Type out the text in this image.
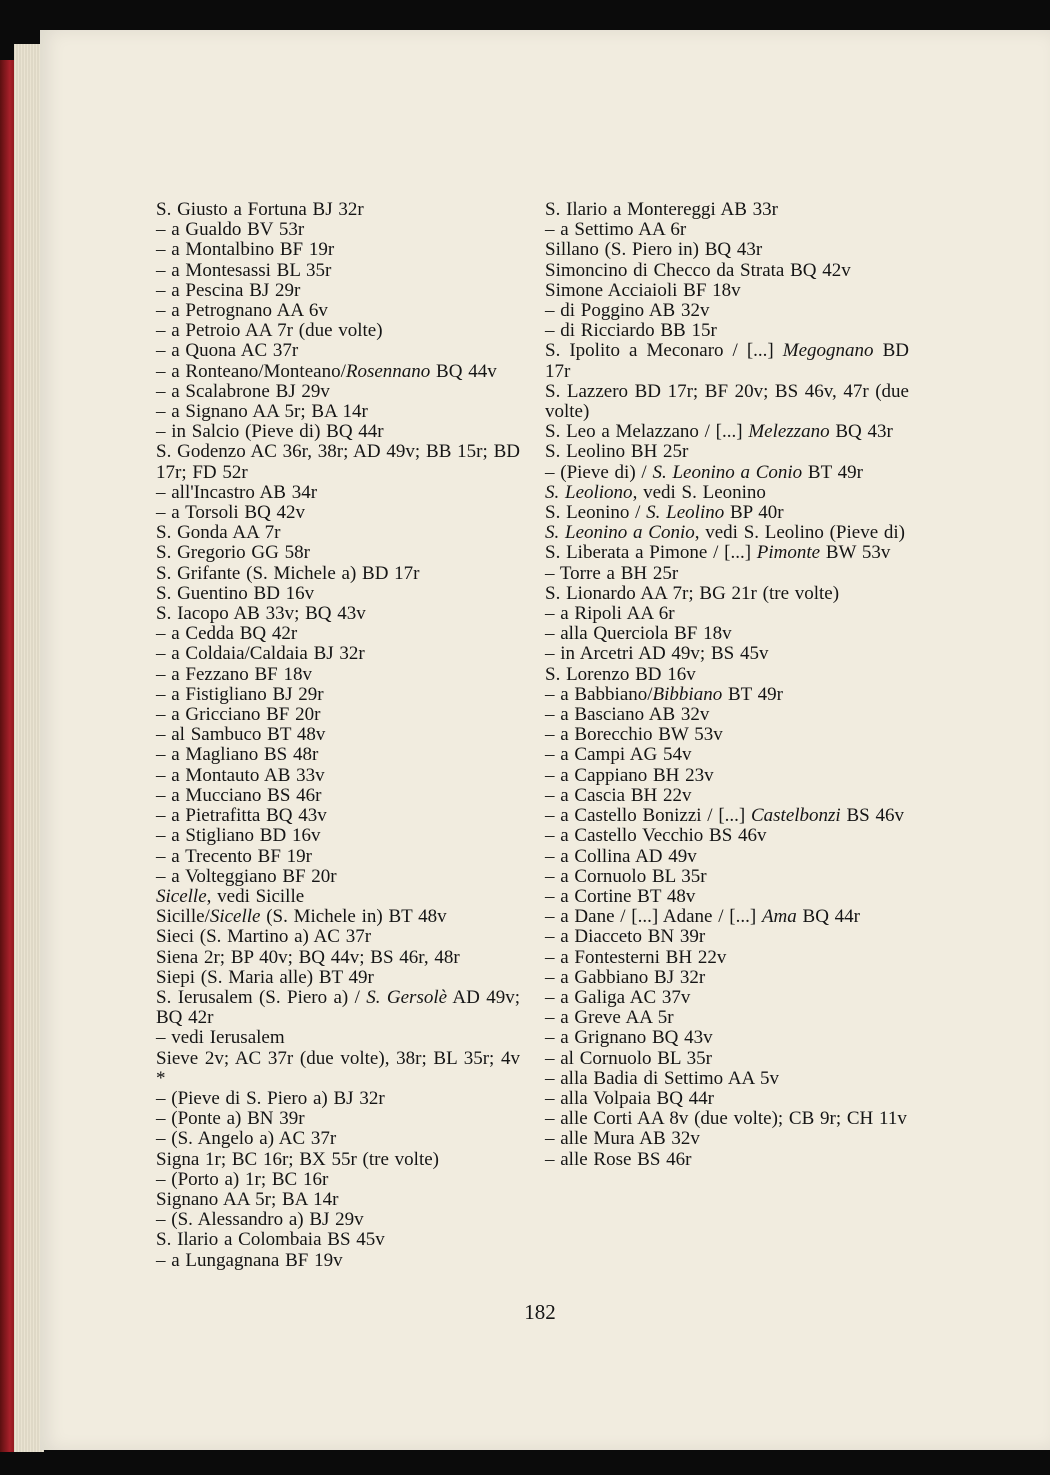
S. Giusto a Fortuna BJ 32r
– a Gualdo BV 53r
– a Montalbino BF 19r
– a Montesassi BL 35r
– a Pescina BJ 29r
– a Petrognano AA 6v
– a Petroio AA 7r (due volte)
– a Quona AC 37r
– a Ronteano/Monteano/Rosennano BQ 44v
– a Scalabrone BJ 29v
– a Signano AA 5r; BA 14r
– in Salcio (Pieve di) BQ 44r
S. Godenzo AC 36r, 38r; AD 49v; BB 15r; BD 17r; FD 52r
– all'Incastro AB 34r
– a Torsoli BQ 42v
S. Gonda AA 7r
S. Gregorio GG 58r
S. Grifante (S. Michele a) BD 17r
S. Guentino BD 16v
S. Iacopo AB 33v; BQ 43v
– a Cedda BQ 42r
– a Coldaia/Caldaia BJ 32r
– a Fezzano BF 18v
– a Fistigliano BJ 29r
– a Gricciano BF 20r
– al Sambuco BT 48v
– a Magliano BS 48r
– a Montauto AB 33v
– a Mucciano BS 46r
– a Pietrafitta BQ 43v
– a Stigliano BD 16v
– a Trecento BF 19r
– a Volteggiano BF 20r
Sicelle, vedi Sicille
Sicille/Sicelle (S. Michele in) BT 48v
Sieci (S. Martino a) AC 37r
Siena 2r; BP 40v; BQ 44v; BS 46r, 48r
Siepi (S. Maria alle) BT 49r
S. Ierusalem (S. Piero a) / S. Gersolè AD 49v; BQ 42r
– vedi Ierusalem
Sieve 2v; AC 37r (due volte), 38r; BL 35r; 4v *
– (Pieve di S. Piero a) BJ 32r
– (Ponte a) BN 39r
– (S. Angelo a) AC 37r
Signa 1r; BC 16r; BX 55r (tre volte)
– (Porto a) 1r; BC 16r
Signano AA 5r; BA 14r
– (S. Alessandro a) BJ 29v
S. Ilario a Colombaia BS 45v
– a Lungagnana BF 19v
S. Ilario a Montereggi AB 33r
– a Settimo AA 6r
Sillano (S. Piero in) BQ 43r
Simoncino di Checco da Strata BQ 42v
Simone Acciaioli BF 18v
– di Poggino AB 32v
– di Ricciardo BB 15r
S. Ipolito a Meconaro / [...] Megognano BD 17r
S. Lazzero BD 17r; BF 20v; BS 46v, 47r (due volte)
S. Leo a Melazzano / [...] Melezzano BQ 43r
S. Leolino BH 25r
– (Pieve di) / S. Leonino a Conio BT 49r
S. Leoliono, vedi S. Leonino
S. Leonino / S. Leolino BP 40r
S. Leonino a Conio, vedi S. Leolino (Pieve di)
S. Liberata a Pimone / [...] Pimonte BW 53v
– Torre a BH 25r
S. Lionardo AA 7r; BG 21r (tre volte)
– a Ripoli AA 6r
– alla Querciola BF 18v
– in Arcetri AD 49v; BS 45v
S. Lorenzo BD 16v
– a Babbiano/Bibbiano BT 49r
– a Basciano AB 32v
– a Borecchio BW 53v
– a Campi AG 54v
– a Cappiano BH 23v
– a Cascia BH 22v
– a Castello Bonizzi / [...] Castelbonzi BS 46v
– a Castello Vecchio BS 46v
– a Collina AD 49v
– a Cornuolo BL 35r
– a Cortine BT 48v
– a Dane / [...] Adane / [...] Ama BQ 44r
– a Diacceto BN 39r
– a Fontesterni BH 22v
– a Gabbiano BJ 32r
– a Galiga AC 37v
– a Greve AA 5r
– a Grignano BQ 43v
– al Cornuolo BL 35r
– alla Badia di Settimo AA 5v
– alla Volpaia BQ 44r
– alle Corti AA 8v (due volte); CB 9r; CH 11v
– alle Mura AB 32v
– alle Rose BS 46r
182
